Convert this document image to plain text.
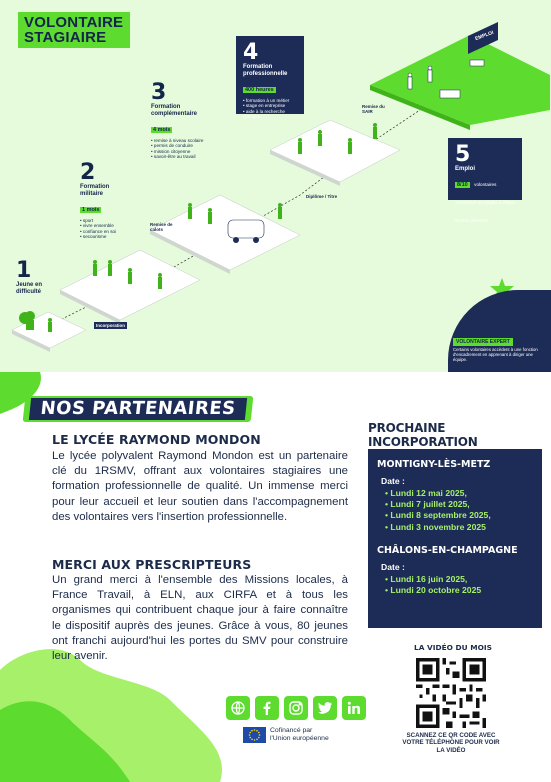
VOLONTAIRE
STAGIAIRE
1
Jeune en difficulté
2
Formation militaire
1 mois
• sport
• vivre ensemble
• confiance en soi
• secourisme
3
Formation complémentaire
4 mois
• remise à niveau scolaire
• permis de conduire
• mission citoyenne
• savoir-être au travail
4
Formation professionnelle
400 heures
• formation à un métier
• stage en entreprise
• aide à la recherche d'emploi
5
Emploi
8/10 volontaires obtiennent un emploi à l'issue de leur parcours
Incorporation
Remise de calots
Diplôme / Titre
Remise du SAIR
EMPLOI
VOLONTAIRE EXPERT
Certains volontaires accèdent à une fonction d'encadrement en apprenant à diriger une équipe.
NOS PARTENAIRES
LE LYCÉE RAYMOND MONDON
Le lycée polyvalent Raymond Mondon est un partenaire clé du 1RSMV, offrant aux volontaires stagiaires une formation professionnelle de qualité. Un immense merci pour leur accueil et leur soutien dans l'accompagnement des volontaires vers l'insertion professionnelle.
MERCI AUX PRESCRIPTEURS
Un grand merci à l'ensemble des Missions locales, à France Travail, à ELN, aux CIRFA et à tous les organismes qui contribuent chaque jour à faire connaître le dispositif auprès des jeunes. Grâce à vous, 80 jeunes ont franchi aujourd'hui les portes du SMV pour construire leur avenir.
PROCHAINE INCORPORATION
MONTIGNY-LÈS-METZ
Date :
• Lundi 12 mai 2025,
• Lundi 7 juillet 2025,
• Lundi 8 septembre 2025,
• Lundi 3 novembre 2025
CHÂLONS-EN-CHAMPAGNE
Date :
• Lundi 16 juin 2025,
• Lundi 20 octobre 2025
LA VIDÉO DU MOIS
SCANNEZ CE QR CODE AVEC VOTRE TÉLÉPHONE POUR VOIR LA VIDÉO
Cofinancé par
l'Union européenne
